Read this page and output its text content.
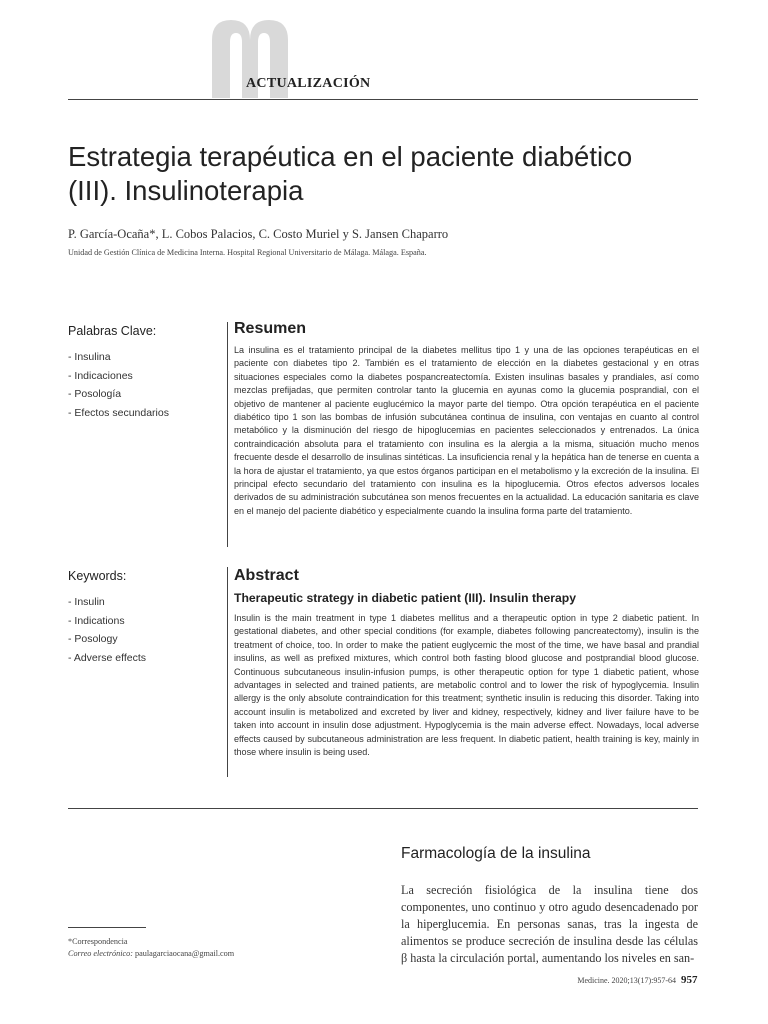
ACTUALIZACIÓN
Estrategia terapéutica en el paciente diabético
(III). Insulinoterapia
P. García-Ocaña*, L. Cobos Palacios, C. Costo Muriel y S. Jansen Chaparro
Unidad de Gestión Clínica de Medicina Interna. Hospital Regional Universitario de Málaga. Málaga. España.
Palabras Clave:
- Insulina
- Indicaciones
- Posología
- Efectos secundarios
Resumen

La insulina es el tratamiento principal de la diabetes mellitus tipo 1 y una de las opciones terapéuticas en el paciente con diabetes tipo 2. También es el tratamiento de elección en la diabetes gestacional y en otras situaciones especiales como la diabetes pospancreatectomía. Existen insulinas basales y prandiales, así como mezclas prefijadas, que permiten controlar tanto la glucemia en ayunas como la glucemia posprandial, con el objetivo de mantener al paciente euglucémico la mayor parte del tiempo. Otra opción terapéutica en el paciente diabético tipo 1 son las bombas de infusión subcutánea continua de insulina, con ventajas en cuanto al control metabólico y la disminución del riesgo de hipoglucemias en pacientes seleccionados y entrenados. La única contraindicación absoluta para el tratamiento con insulina es la alergia a la misma, situación mucho menos frecuente desde el desarrollo de insulinas sintéticas. La insuficiencia renal y la hepática han de tenerse en cuenta a la hora de ajustar el tratamiento, ya que estos órganos participan en el metabolismo y la excreción de la insulina. El principal efecto secundario del tratamiento con insulina es la hipoglucemia. Otros efectos adversos locales derivados de su administración subcutánea son menos frecuentes en la actualidad. La educación sanitaria es clave en el manejo del paciente diabético y especialmente cuando la insulina forma parte del tratamiento.

Keywords:
- Insulin
- Indications
- Posology
- Adverse effects
Abstract
Therapeutic strategy in diabetic patient (III). Insulin therapy

Insulin is the main treatment in type 1 diabetes mellitus and a therapeutic option in type 2 diabetic patient. In gestational diabetes, and other special conditions (for example, diabetes following pancreatectomy), insulin is the treatment of choice, too. In order to make the patient euglycemic the most of the time, we have basal and prandial insulins, as well as prefixed mixtures, which control both fasting blood glucose and postprandial blood glucose. Continuous subcutaneous insulin-infusion pumps, is other therapeutic option for type 1 diabetic patient, whose advantages in selected and trained patients, are metabolic control and to lower the risk of hypoglycemia. Insulin allergy is the only absolute contraindication for this treatment; synthetic insulin is reducing this disorder. Taking into account insulin is metabolized and excreted by liver and kidney, respectively, kidney and liver failure have to be taken into account in insulin dose adjustment. Hypoglycemia is the main adverse effect. Nowadays, local adverse effects caused by subcutaneous administration are less frequent. In diabetic patient, health training is key, mainly in those where insulin is being used.

Farmacología de la insulina

La secreción fisiológica de la insulina tiene dos componentes, uno continuo y otro agudo desencadenado por la hiperglucemia. En personas sanas, tras la ingesta de alimentos se produce secreción de insulina desde las células β hasta la circulación portal, aumentando los niveles en san-

*Correspondencia
Correo electrónico: paulagarciaocana@gmail.com
Medicine. 2020;13(17):957-64 957
